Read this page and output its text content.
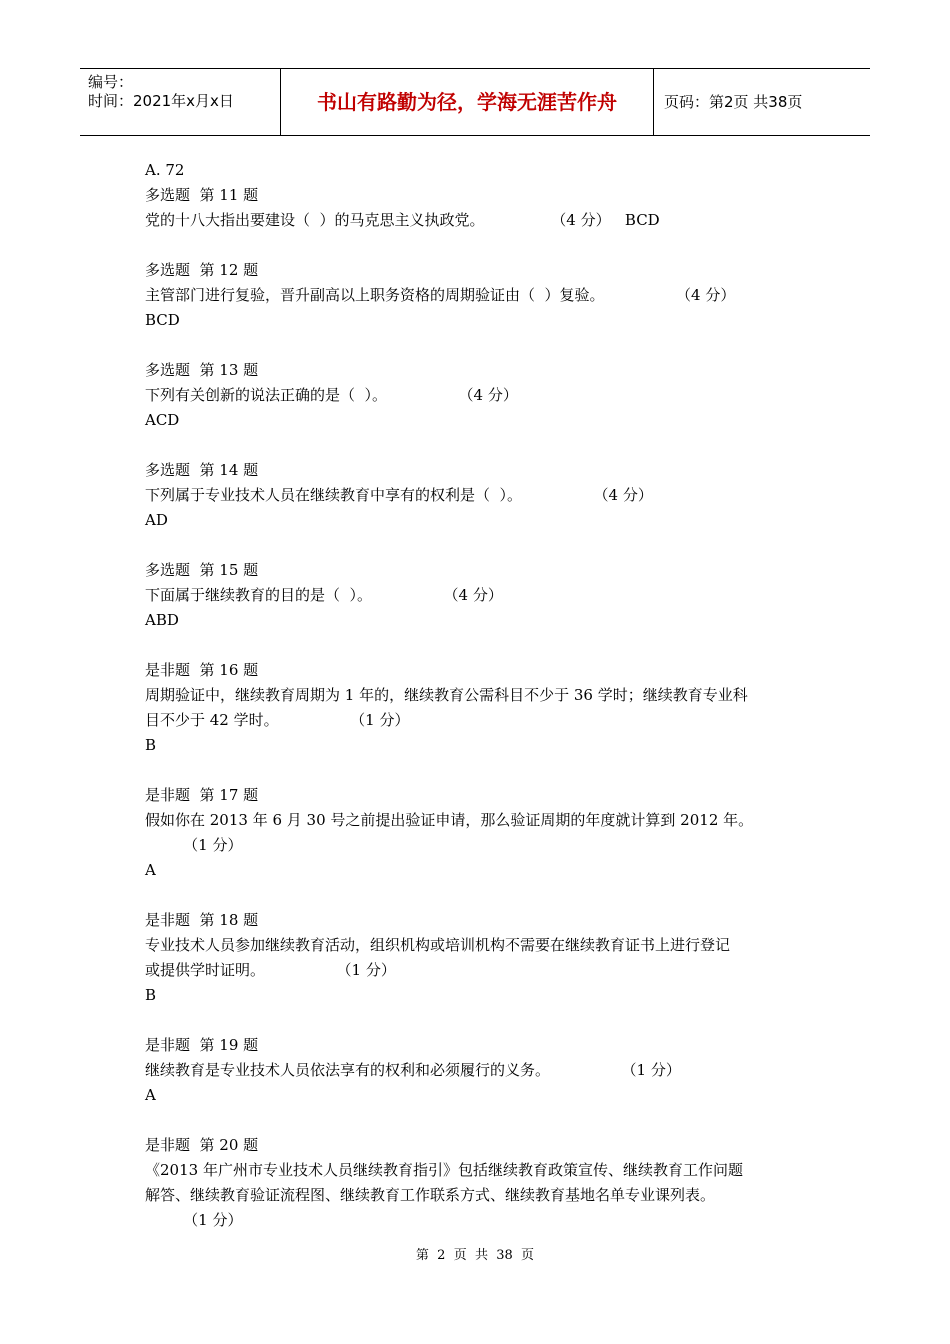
编号：
时间：2021年x月x日	书山有路勤为径，学海无涯苦作舟	页码：第2页 共38页
A. 72
多选题  第 11 题
党的十八大指出要建设（  ）的马克思主义执政党。              （4 分）   BCD
多选题  第 12 题
主管部门进行复验，晋升副高以上职务资格的周期验证由（  ）复验。               （4 分）
BCD
多选题  第 13 题
下列有关创新的说法正确的是（  ）。               （4 分）
ACD
多选题  第 14 题
下列属于专业技术人员在继续教育中享有的权利是（  ）。               （4 分）
AD
多选题  第 15 题
下面属于继续教育的目的是（  ）。               （4 分）
ABD
是非题  第 16 题
周期验证中，继续教育周期为 1 年的，继续教育公需科目不少于 36 学时；继续教育专业科
目不少于 42 学时。               （1 分）
B
是非题  第 17 题
假如你在 2013 年 6 月 30 号之前提出验证申请，那么验证周期的年度就计算到 2012 年。
（1 分）
A
是非题  第 18 题
专业技术人员参加继续教育活动，组织机构或培训机构不需要在继续教育证书上进行登记
或提供学时证明。               （1 分）
B
是非题  第 19 题
继续教育是专业技术人员依法享有的权利和必须履行的义务。               （1 分）
A
是非题  第 20 题
《2013 年广州市专业技术人员继续教育指引》包括继续教育政策宣传、继续教育工作问题
解答、继续教育验证流程图、继续教育工作联系方式、继续教育基地名单专业课列表。
（1 分）
第  2  页  共  38  页
